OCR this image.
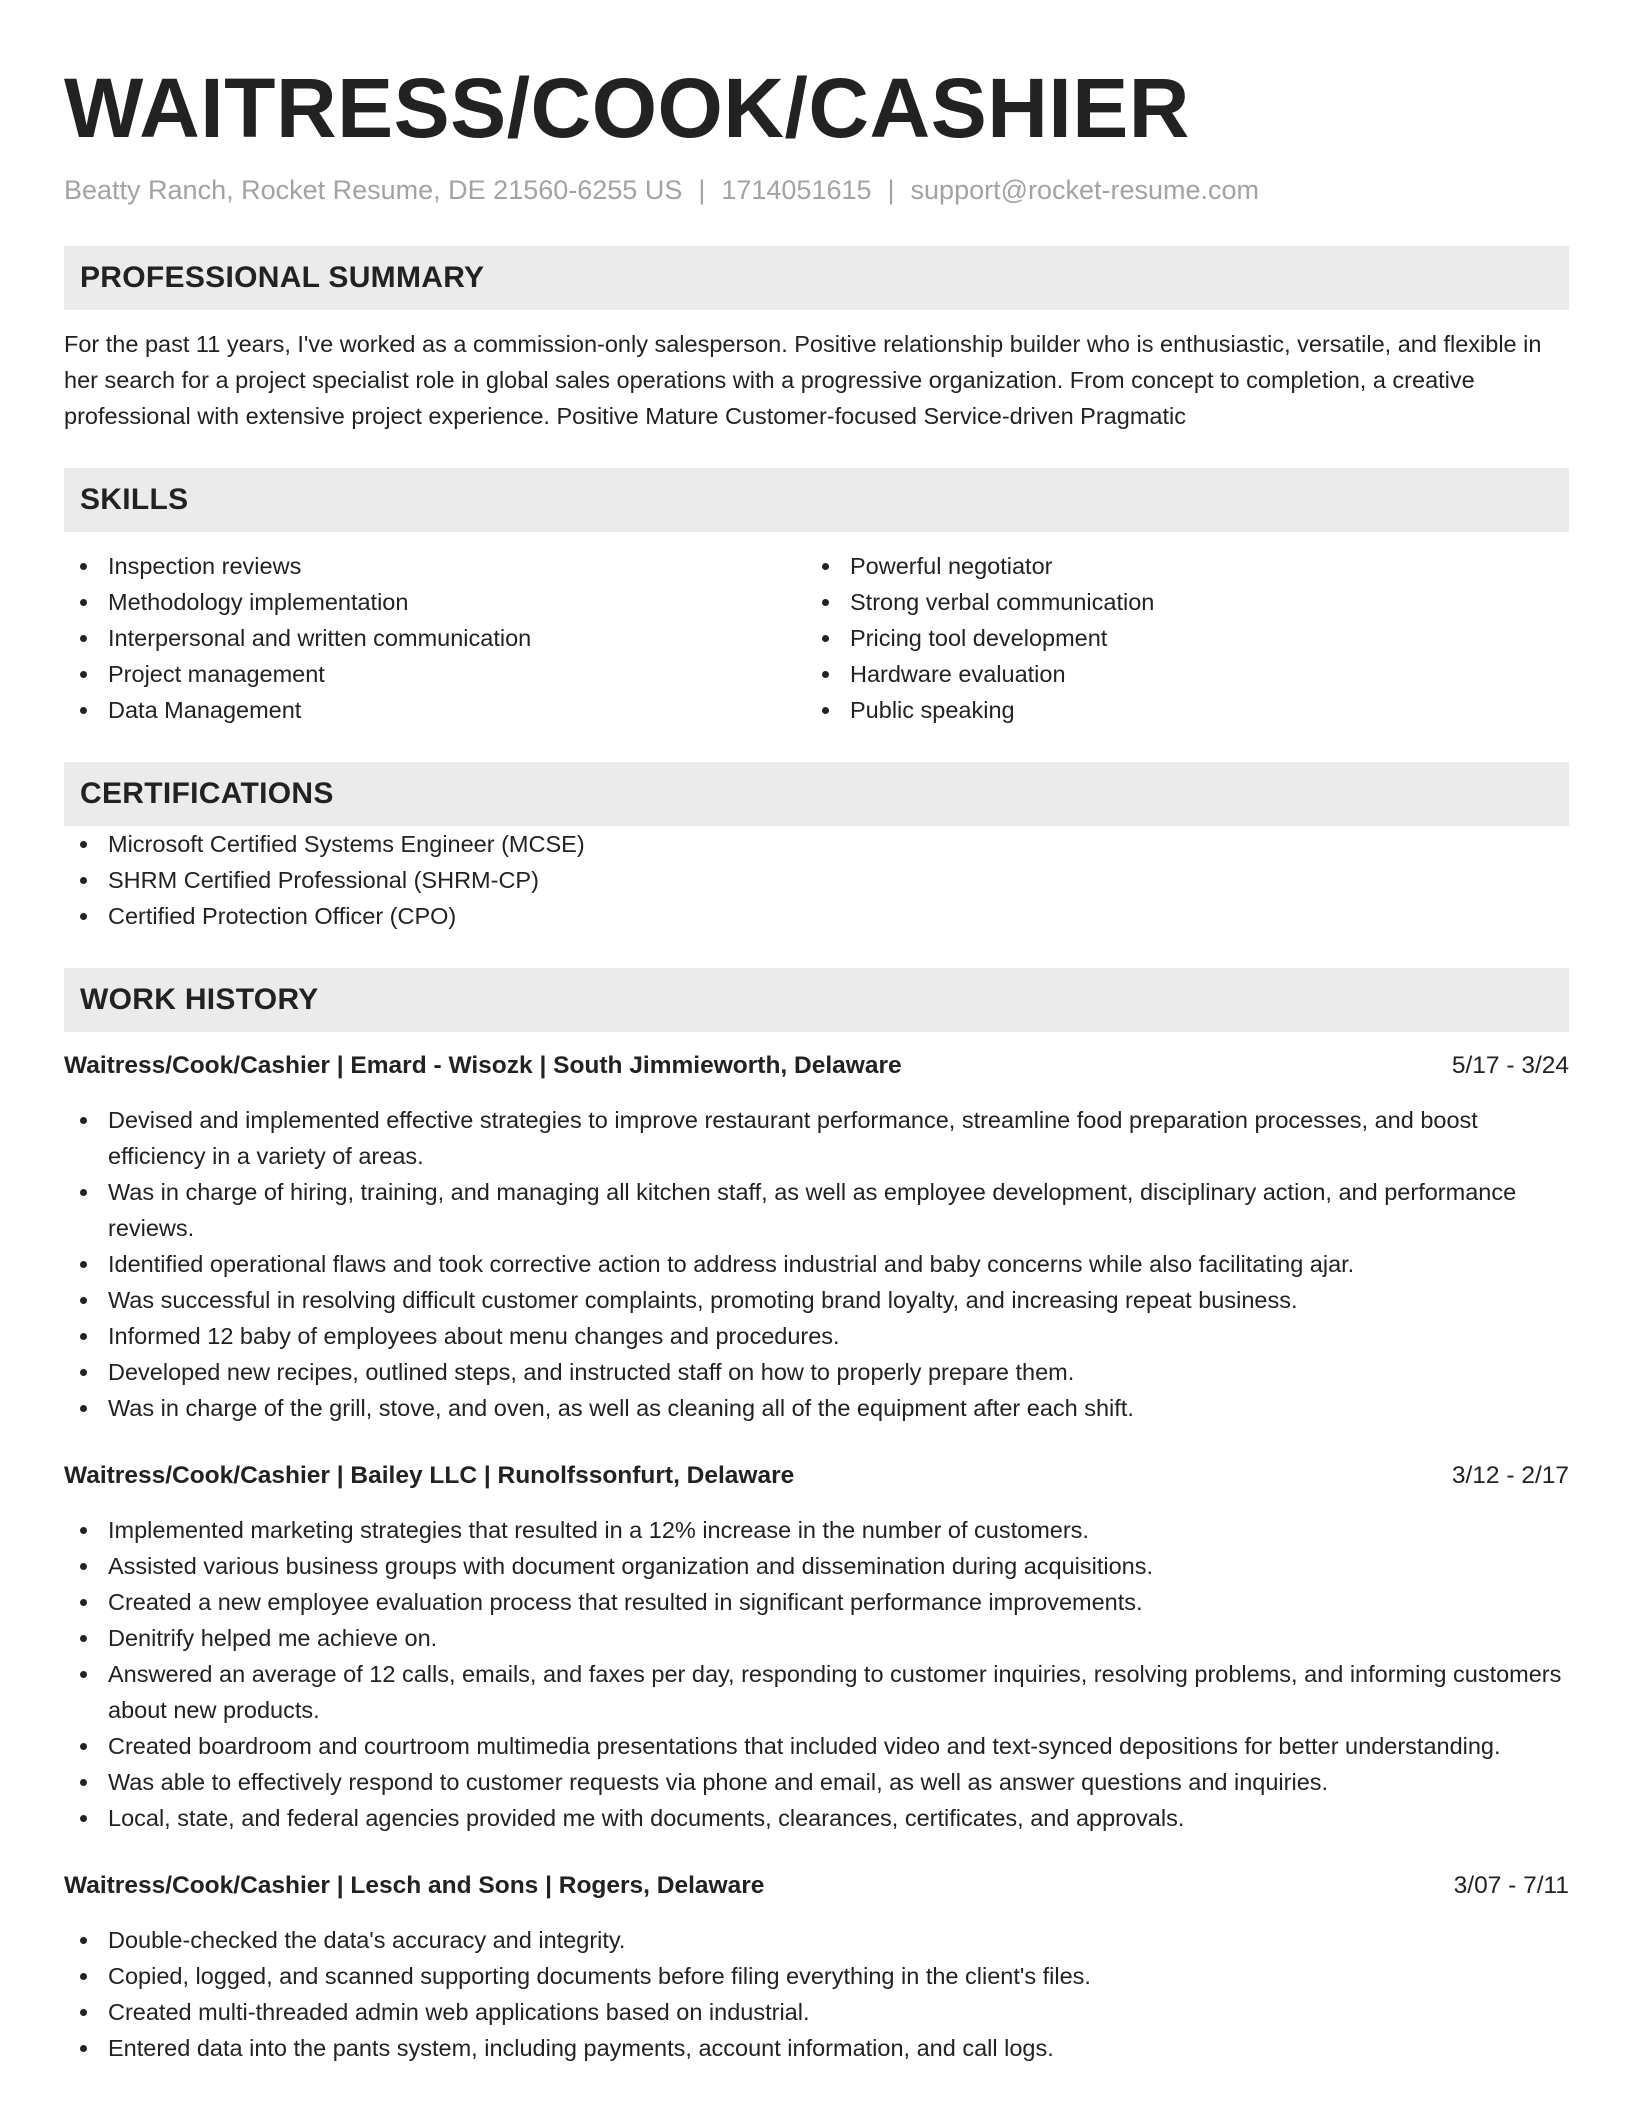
WAITRESS/COOK/CASHIER
Beatty Ranch, Rocket Resume, DE 21560-6255 US | 1714051615 | support@rocket-resume.com
PROFESSIONAL SUMMARY
For the past 11 years, I've worked as a commission-only salesperson. Positive relationship builder who is enthusiastic, versatile, and flexible in her search for a project specialist role in global sales operations with a progressive organization. From concept to completion, a creative professional with extensive project experience. Positive Mature Customer-focused Service-driven Pragmatic
SKILLS
Inspection reviews
Methodology implementation
Interpersonal and written communication
Project management
Data Management
Powerful negotiator
Strong verbal communication
Pricing tool development
Hardware evaluation
Public speaking
CERTIFICATIONS
Microsoft Certified Systems Engineer (MCSE)
SHRM Certified Professional (SHRM-CP)
Certified Protection Officer (CPO)
WORK HISTORY
Waitress/Cook/Cashier | Emard - Wisozk | South Jimmieworth, Delaware	5/17 - 3/24
Devised and implemented effective strategies to improve restaurant performance, streamline food preparation processes, and boost efficiency in a variety of areas.
Was in charge of hiring, training, and managing all kitchen staff, as well as employee development, disciplinary action, and performance reviews.
Identified operational flaws and took corrective action to address industrial and baby concerns while also facilitating ajar.
Was successful in resolving difficult customer complaints, promoting brand loyalty, and increasing repeat business.
Informed 12 baby of employees about menu changes and procedures.
Developed new recipes, outlined steps, and instructed staff on how to properly prepare them.
Was in charge of the grill, stove, and oven, as well as cleaning all of the equipment after each shift.
Waitress/Cook/Cashier | Bailey LLC | Runolfssonfurt, Delaware	3/12 - 2/17
Implemented marketing strategies that resulted in a 12% increase in the number of customers.
Assisted various business groups with document organization and dissemination during acquisitions.
Created a new employee evaluation process that resulted in significant performance improvements.
Denitrify helped me achieve on.
Answered an average of 12 calls, emails, and faxes per day, responding to customer inquiries, resolving problems, and informing customers about new products.
Created boardroom and courtroom multimedia presentations that included video and text-synced depositions for better understanding.
Was able to effectively respond to customer requests via phone and email, as well as answer questions and inquiries.
Local, state, and federal agencies provided me with documents, clearances, certificates, and approvals.
Waitress/Cook/Cashier | Lesch and Sons | Rogers, Delaware	3/07 - 7/11
Double-checked the data's accuracy and integrity.
Copied, logged, and scanned supporting documents before filing everything in the client's files.
Created multi-threaded admin web applications based on industrial.
Entered data into the pants system, including payments, account information, and call logs.
